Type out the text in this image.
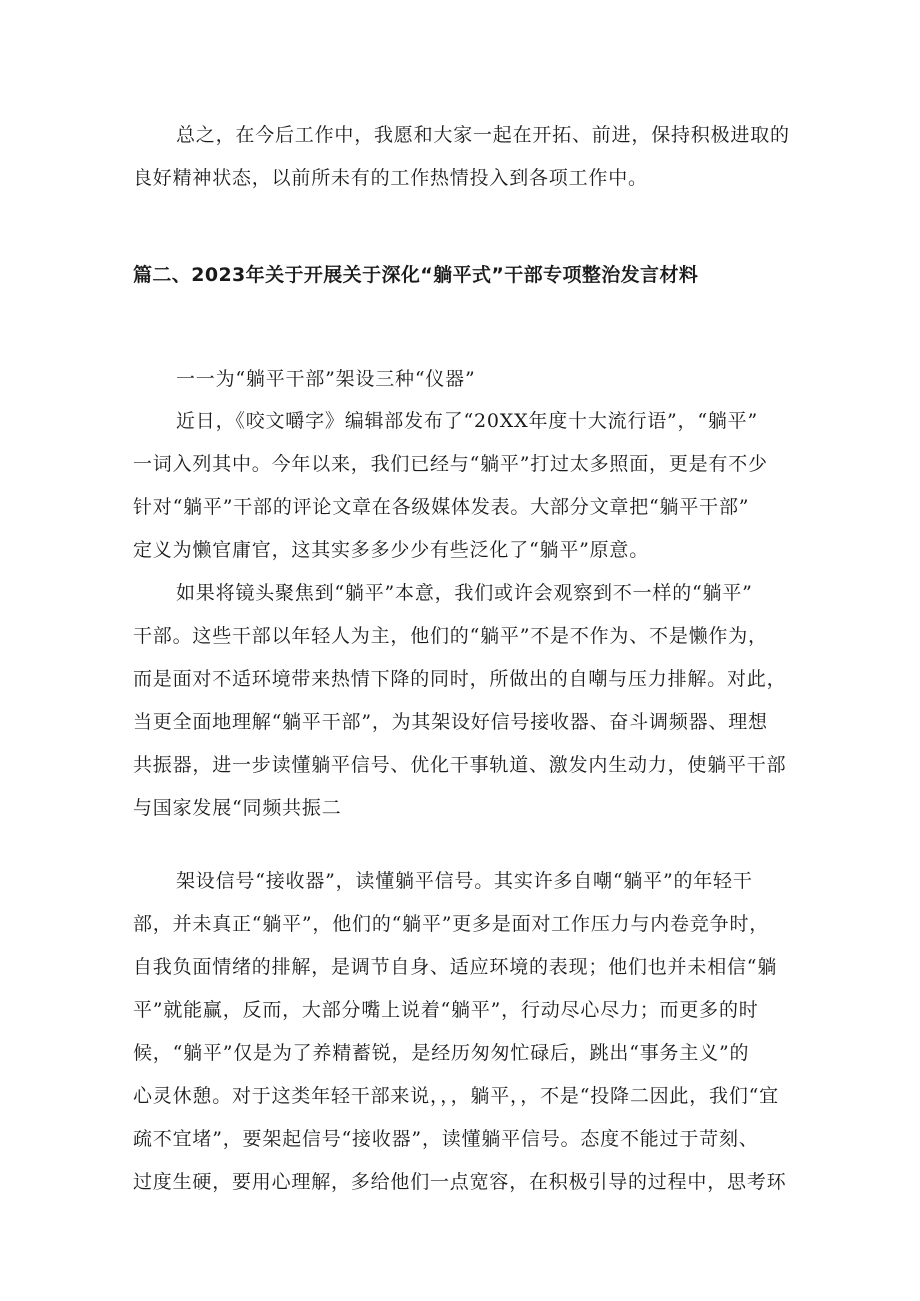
总之，在今后工作中，我愿和大家一起在开拓、前进，保持积极进取的
良好精神状态，以前所未有的工作热情投入到各项工作中。
篇二、2023年关于开展关于深化“躺平式”干部专项整治发言材料
一一为“躺平干部”架设三种“仪器”
近日，《咬文嚼字》编辑部发布了“20XX年度十大流行语”，“躺平”
一词入列其中。今年以来，我们已经与“躺平”打过太多照面，更是有不少
针对“躺平”干部的评论文章在各级媒体发表。大部分文章把“躺平干部”
定义为懒官庸官，这其实多多少少有些泛化了“躺平”原意。
如果将镜头聚焦到“躺平”本意，我们或许会观察到不一样的“躺平”
干部。这些干部以年轻人为主，他们的“躺平”不是不作为、不是懒作为，
而是面对不适环境带来热情下降的同时，所做出的自嘲与压力排解。对此，
当更全面地理解“躺平干部”，为其架设好信号接收器、奋斗调频器、理想
共振器，进一步读懂躺平信号、优化干事轨道、激发内生动力，使躺平干部
与国家发展“同频共振二
架设信号“接收器”，读懂躺平信号。其实许多自嘲“躺平”的年轻干
部，并未真正“躺平”，他们的“躺平”更多是面对工作压力与内卷竞争时，
自我负面情绪的排解，是调节自身、适应环境的表现；他们也并未相信“躺
平”就能赢，反而，大部分嘴上说着“躺平”，行动尽心尽力；而更多的时
候，“躺平”仅是为了养精蓄锐，是经历匆匆忙碌后，跳出“事务主义”的
心灵休憩。对于这类年轻干部来说，，，躺平，，不是“投降二因此，我们“宜
疏不宜堵”，要架起信号“接收器”，读懂躺平信号。态度不能过于苛刻、
过度生硬，要用心理解，多给他们一点宽容，在积极引导的过程中，思考环
